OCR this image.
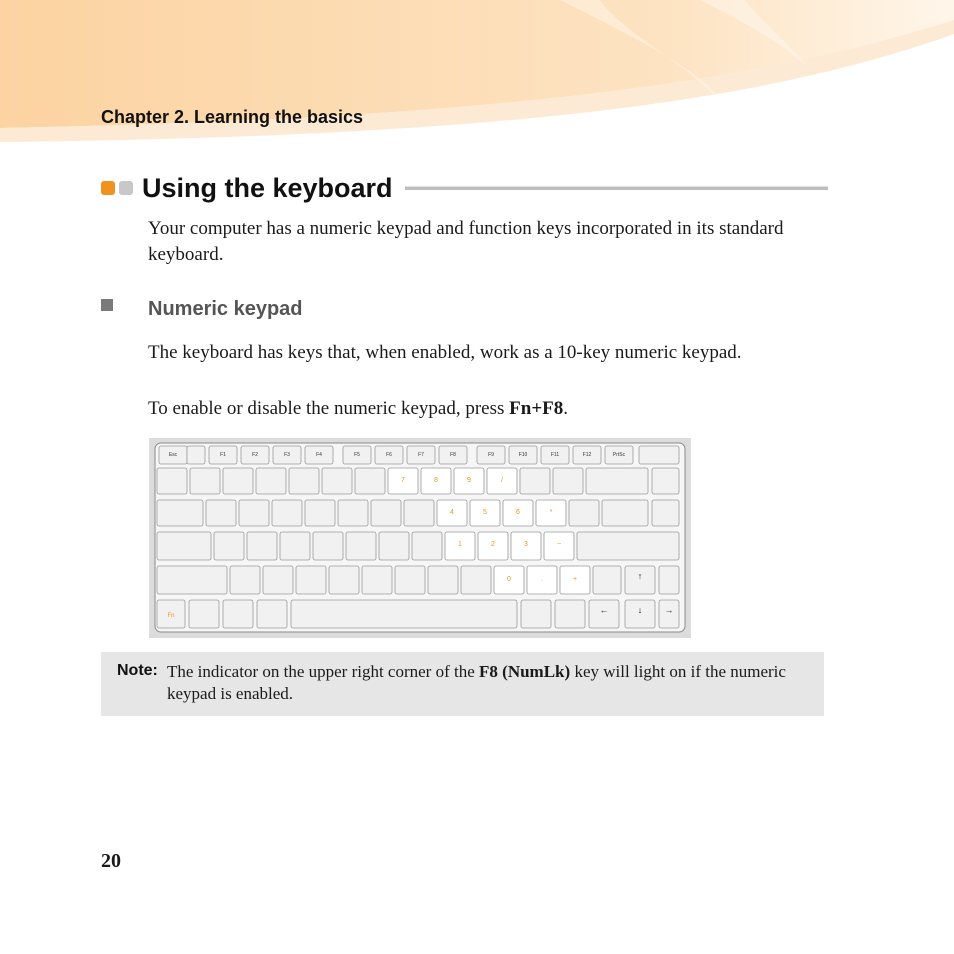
Chapter 2. Learning the basics
Using the keyboard
Your computer has a numeric keypad and function keys incorporated in its standard keyboard.
Numeric keypad
The keyboard has keys that, when enabled, work as a 10-key numeric keypad.
To enable or disable the numeric keypad, press Fn+F8.
Esc	F1	F2	F3	F4	F5	F6	F7	F8	F9	F10	F11	F12	PrtSc
Fn
7	8	9	/
4	5	6	*
1	2	3	−
0	.	+	↑
←	↓ →
Note: The indicator on the upper right corner of the F8 (NumLk) key will light on if the numeric keypad is enabled.
20
